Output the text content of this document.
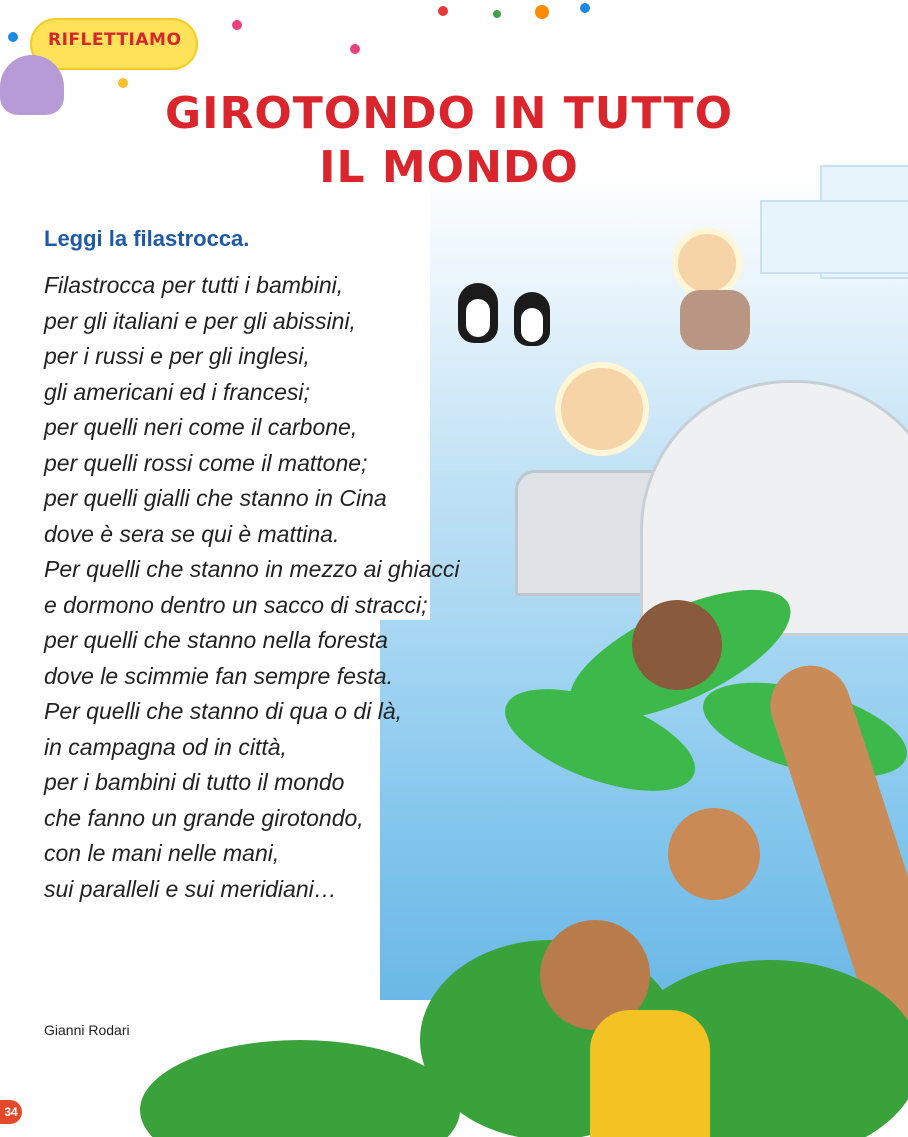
RIFLETTIAMO
GIROTONDO IN TUTTO
IL MONDO
Leggi la filastrocca.
Filastrocca per tutti i bambini,
per gli italiani e per gli abissini,
per i russi e per gli inglesi,
gli americani ed i francesi;
per quelli neri come il carbone,
per quelli rossi come il mattone;
per quelli gialli che stanno in Cina
dove è sera se qui è mattina.
Per quelli che stanno in mezzo ai ghiacci
e dormono dentro un sacco di stracci;
per quelli che stanno nella foresta
dove le scimmie fan sempre festa.
Per quelli che stanno di qua o di là,
in campagna od in città,
per i bambini di tutto il mondo
che fanno un grande girotondo,
con le mani nelle mani,
sui paralleli e sui meridiani…
Gianni Rodari
34
